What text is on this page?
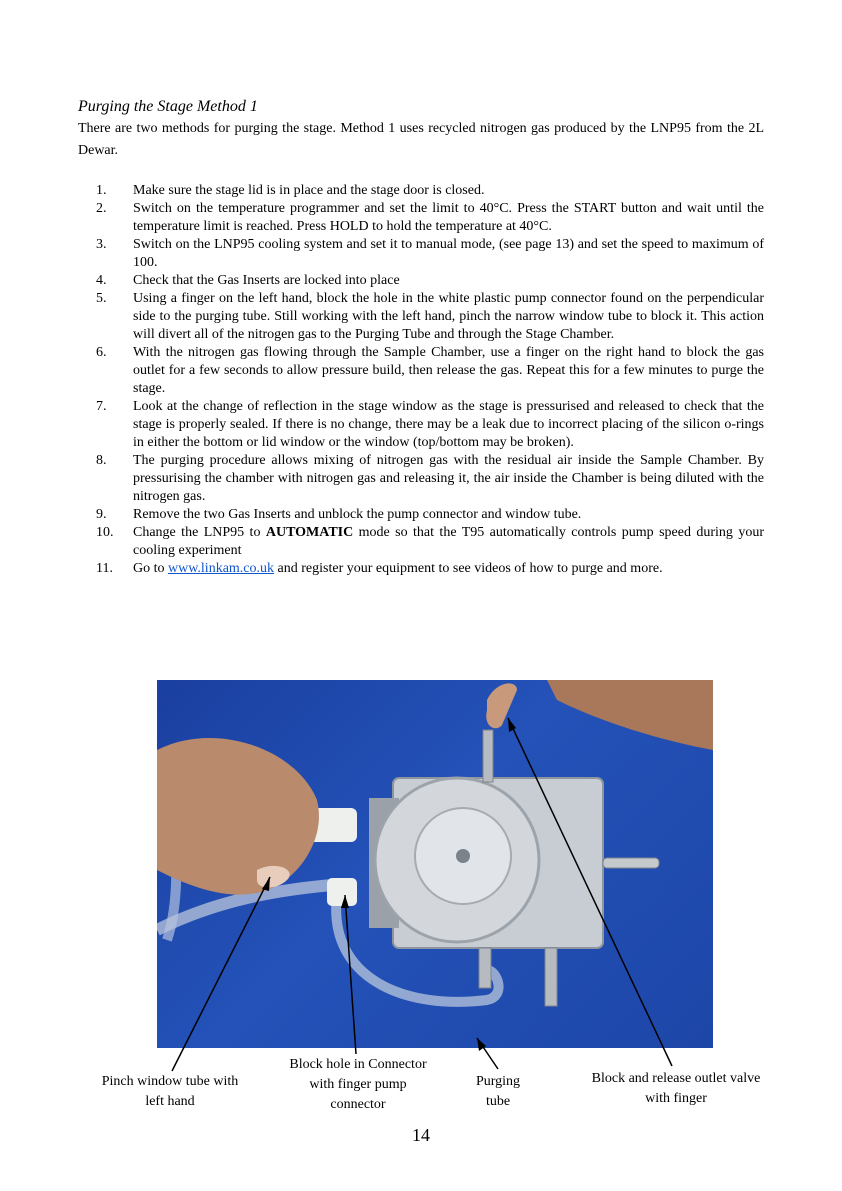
Purging the Stage Method 1
There are two methods for purging the stage. Method 1 uses recycled nitrogen gas produced by the LNP95 from the 2L Dewar.
1.	Make sure the stage lid is in place and the stage door is closed.
2.	Switch on the temperature programmer and set the limit to 40°C. Press the START button and wait until the temperature limit is reached. Press HOLD to hold the temperature at 40°C.
3.	Switch on the LNP95 cooling system and set it to manual mode, (see page 13) and set the speed to maximum of 100.
4.	Check that the Gas Inserts are locked into place
5.	Using a finger on the left hand, block the hole in the white plastic pump connector found on the perpendicular side to the purging tube. Still working with the left hand, pinch the narrow window tube to block it. This action will divert all of the nitrogen gas to the Purging Tube and through the Stage Chamber.
6.	With the nitrogen gas flowing through the Sample Chamber, use a finger on the right hand to block the gas outlet for a few seconds to allow pressure build, then release the gas. Repeat this for a few minutes to purge the stage.
7.	Look at the change of reflection in the stage window as the stage is pressurised and released to check that the stage is properly sealed. If there is no change, there may be a leak due to incorrect placing of the silicon o-rings in either the bottom or lid window or the window (top/bottom may be broken).
8.	The purging procedure allows mixing of nitrogen gas with the residual air inside the Sample Chamber. By pressurising the chamber with nitrogen gas and releasing it, the air inside the Chamber is being diluted with the nitrogen gas.
9.	Remove the two Gas Inserts and unblock the pump connector and window tube.
10.	Change the LNP95 to AUTOMATIC mode so that the T95 automatically controls pump speed during your cooling experiment
11.	Go to www.linkam.co.uk and register your equipment to see videos of how to purge and more.
Pinch window tube with left hand
Block hole in Connector with finger pump connector
Purging tube
Block and release outlet valve with finger
14
